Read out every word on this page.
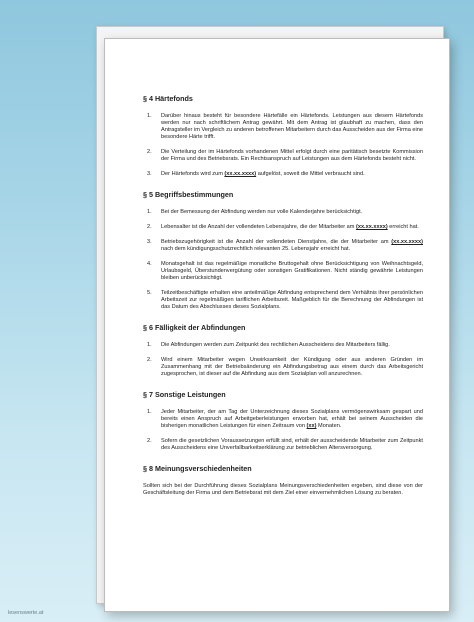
§ 4 Härtefonds
1.	Darüber hinaus besteht für besondere Härtefälle ein Härtefonds. Leistungen aus diesem Härtefonds werden nur nach schriftlichem Antrag gewährt. Mit dem Antrag ist glaubhaft zu machen, dass den Antragsteller im Vergleich zu anderen betroffenen Mitarbeitern durch das Ausscheiden aus der Firma eine besondere Härte trifft.
2.	Die Verteilung der im Härtefonds vorhandenen Mittel erfolgt durch eine paritätisch besetzte Kommission der Firma und des Betriebsrats. Ein Rechtsanspruch auf Leistungen aus dem Härtefonds besteht nicht.
3.	Der Härtefonds wird zum (xx.xx.xxxx) aufgelöst, soweit die Mittel verbraucht sind.
§ 5 Begriffsbestimmungen
1.	Bei der Bemessung der Abfindung werden nur volle Kalenderjahre berücksichtigt.
2.	Lebensalter ist die Anzahl der vollendeten Lebensjahre, die der Mitarbeiter am (xx.xx.xxxx) erreicht hat.
3.	Betriebszugehörigkeit ist die Anzahl der vollendeten Dienstjahre, die der Mitarbeiter am (xx.xx.xxxx) nach dem kündigungsschutzrechtlich relevanten 25. Lebensjahr erreicht hat.
4.	Monatsgehalt ist das regelmäßige monatliche Bruttogehalt ohne Berücksichtigung von Weihnachtsgeld, Urlaubsgeld, Überstundenvergütung oder sonstigen Gratifikationen. Nicht ständig gewährte Leistungen bleiben unberücksichtigt.
5.	Teilzeitbeschäftigte erhalten eine anteilmäßige Abfindung entsprechend dem Verhältnis ihrer persönlichen Arbeitszeit zur regelmäßigen tariflichen Arbeitszeit. Maßgeblich für die Berechnung der Abfindungen ist das Datum des Abschlusses dieses Sozialplans.
§ 6 Fälligkeit der Abfindungen
1.	Die Abfindungen werden zum Zeitpunkt des rechtlichen Ausscheidens des Mitarbeiters fällig.
2.	Wird einem Mitarbeiter wegen Unwirksamkeit der Kündigung oder aus anderen Gründen im Zusammenhang mit der Betriebsänderung ein Abfindungsbetrag aus einem durch das Arbeitsgericht zugesprochen, ist dieser auf die Abfindung aus dem Sozialplan voll anzurechnen.
§ 7 Sonstige Leistungen
1.	Jeder Mitarbeiter, der am Tag der Unterzeichnung dieses Sozialplans vermögenswirksam gespart und bereits einen Anspruch auf Arbeitgeberleistungen erworben hat, erhält bei seinem Ausscheiden die bisherigen monatlichen Leistungen für einen Zeitraum von (xx) Monaten.
2.	Sofern die gesetzlichen Voraussetzungen erfüllt sind, erhält der ausscheidende Mitarbeiter zum Zeitpunkt des Ausscheidens eine Unverfallbarkeitserklärung zur betrieblichen Altersversorgung.
§ 8 Meinungsverschiedenheiten
Sollten sich bei der Durchführung dieses Sozialplans Meinungsverschiedenheiten ergeben, sind diese von der Geschäftsleitung der Firma und dem Betriebsrat mit dem Ziel einer einvernehmlichen Lösung zu beraten.
lesenswerte.at
